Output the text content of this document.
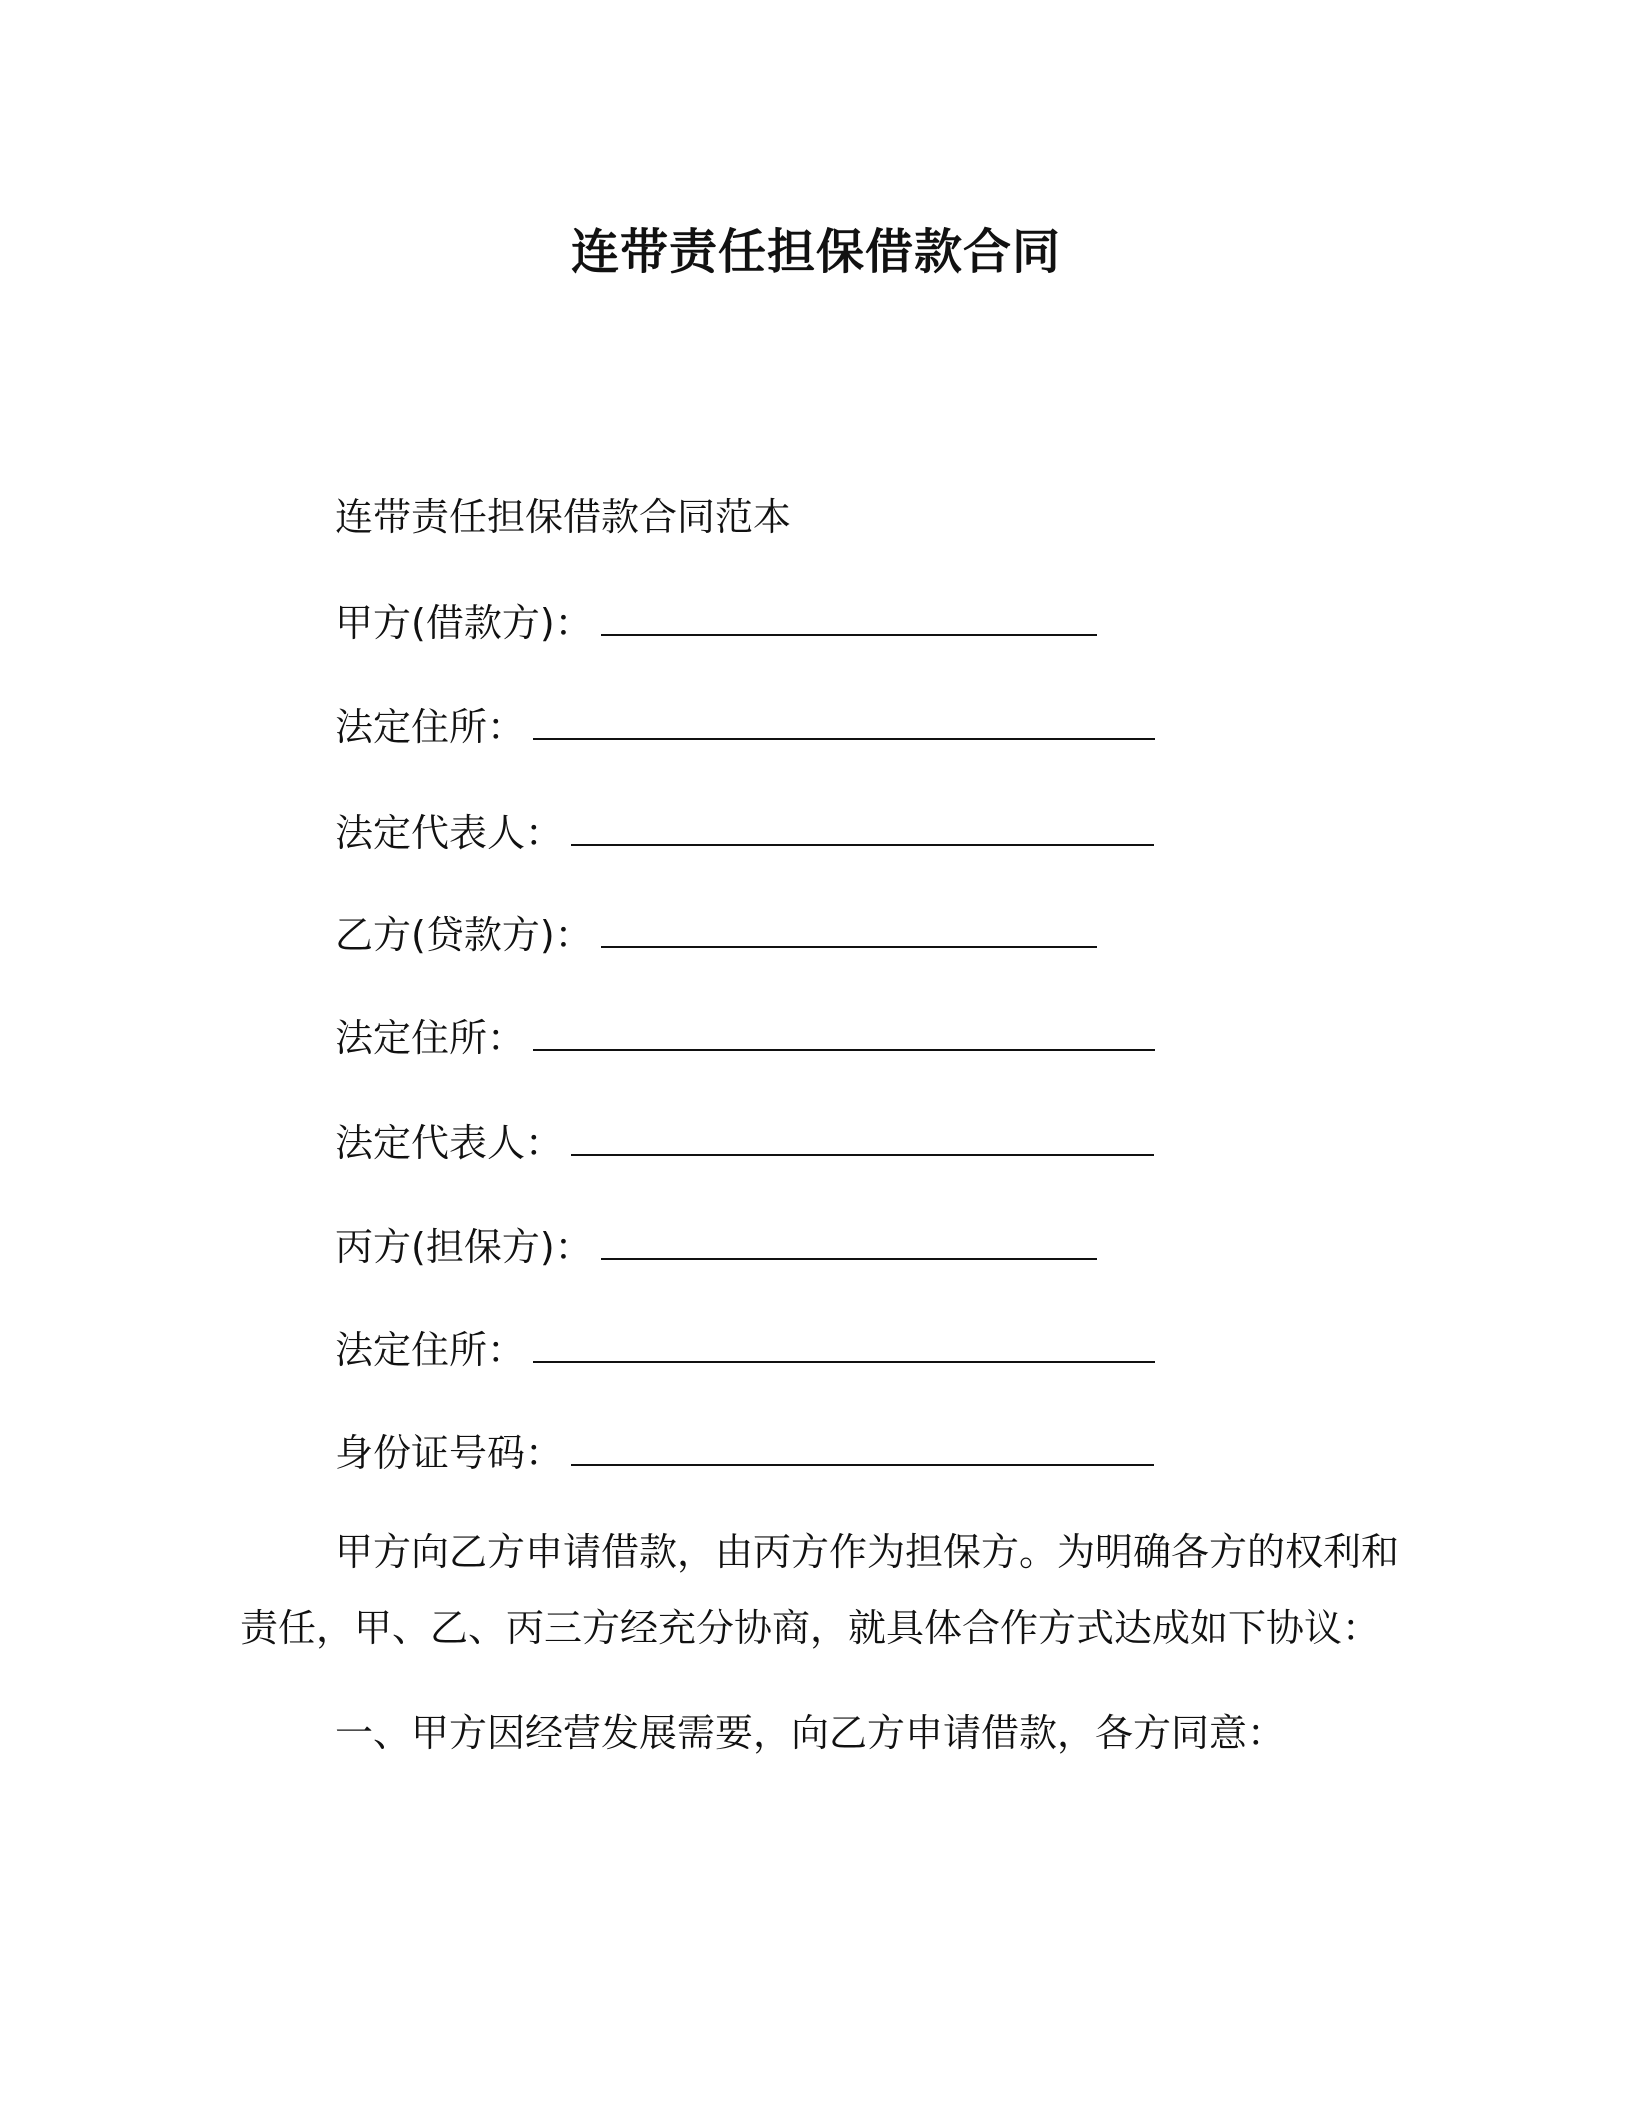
连带责任担保借款合同
连带责任担保借款合同范本
甲方(借款方)：
法定住所：
法定代表人：
乙方(贷款方)：
法定住所：
法定代表人：
丙方(担保方)：
法定住所：
身份证号码：
甲方向乙方申请借款，由丙方作为担保方。为明确各方的权利和
责任，甲、乙、丙三方经充分协商，就具体合作方式达成如下协议：
一、甲方因经营发展需要，向乙方申请借款，各方同意：
